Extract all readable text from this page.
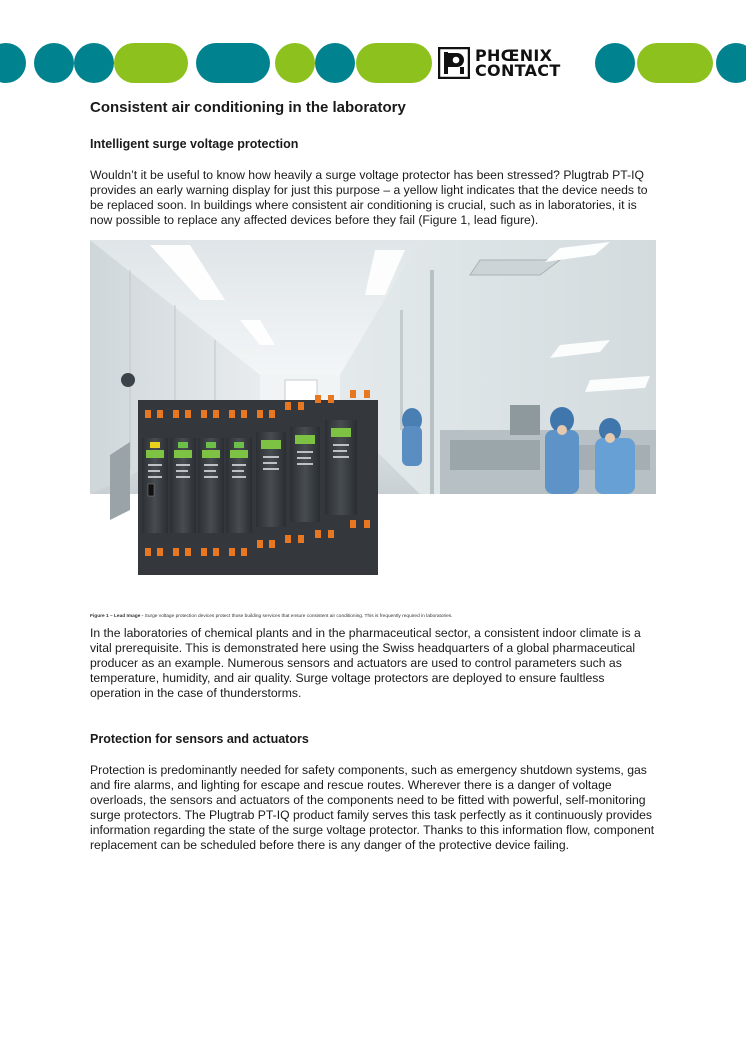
PHŒNIX
CONTACT
Consistent air conditioning in the laboratory
Intelligent surge voltage protection

Wouldn’t it be useful to know how heavily a surge voltage protector has been stressed? Plugtrab PT-IQ provides an early warning display for just this purpose – a yellow light indicates that the device needs to be replaced soon. In buildings where consistent air conditioning is crucial, such as in laboratories, it is now possible to replace any affected devices before they fail (Figure 1, lead figure).

Figure 1 – Lead Image - Surge voltage protection devices protect those building services that ensure consistent air conditioning. This is frequently required in laboratories.

In the laboratories of chemical plants and in the pharmaceutical sector, a consistent indoor climate is a vital prerequisite. This is demonstrated here using the Swiss headquarters of a global pharmaceutical producer as an example. Numerous sensors and actuators are used to control parameters such as temperature, humidity, and air quality. Surge voltage protectors are deployed to ensure faultless operation in the case of thunderstorms.

Protection for sensors and actuators

Protection is predominantly needed for safety components, such as emergency shutdown systems, gas and fire alarms, and lighting for escape and rescue routes. Wherever there is a danger of voltage overloads, the sensors and actuators of the components need to be fitted with powerful, self-monitoring surge protectors. The Plugtrab PT-IQ product family serves this task perfectly as it continuously provides information regarding the state of the surge voltage protector. Thanks to this information flow, component replacement can be scheduled before there is any danger of the protective device failing.
